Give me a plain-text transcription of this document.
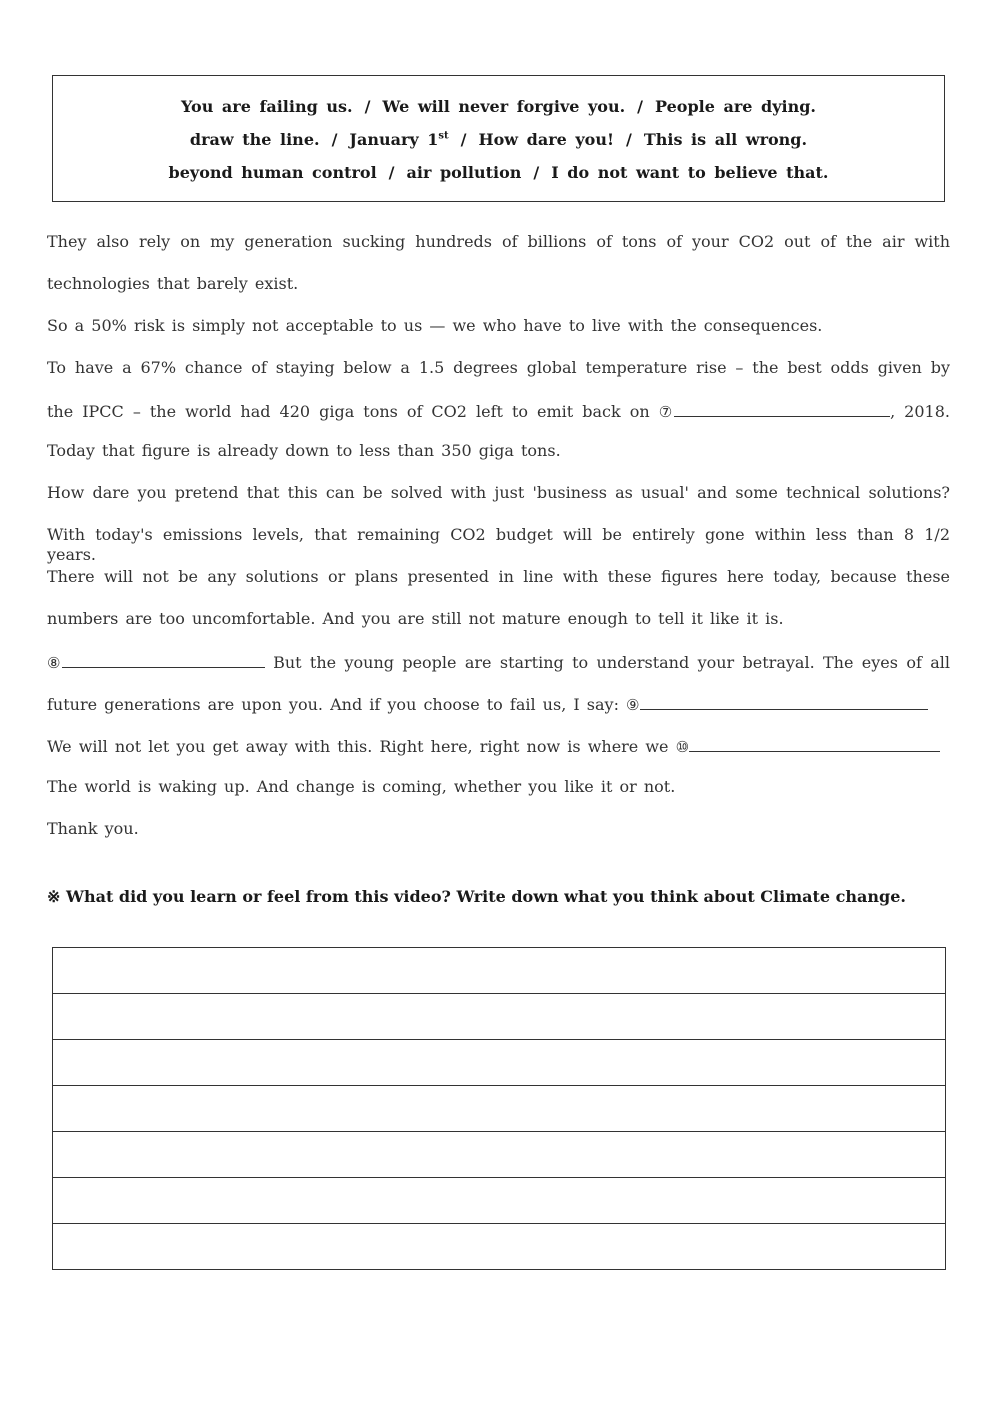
You are failing us. / We will never forgive you. / People are dying.
draw the line. / January 1st / How dare you! / This is all wrong.
beyond human control / air pollution / I do not want to believe that.
They also rely on my generation sucking hundreds of billions of tons of your CO2 out of the air with
technologies that barely exist.
So a 50% risk is simply not acceptable to us — we who have to live with the consequences.
To have a 67% chance of staying below a 1.5 degrees global temperature rise – the best odds given by
the IPCC – the world had 420 giga tons of CO2 left to emit back on ⑦	, 2018.
Today that figure is already down to less than 350 giga tons.
How dare you pretend that this can be solved with just 'business as usual' and some technical solutions?
With today's emissions levels, that remaining CO2 budget will be entirely gone within less than 8 1/2 years.
There will not be any solutions or plans presented in line with these figures here today, because these
numbers are too uncomfortable. And you are still not mature enough to tell it like it is.
⑧	But the young people are starting to understand your betrayal. The eyes of all
future generations are upon you. And if you choose to fail us, I say: ⑨
We will not let you get away with this. Right here, right now is where we ⑩
The world is waking up. And change is coming, whether you like it or not.
Thank you.
※ What did you learn or feel from this video? Write down what you think about Climate change.
